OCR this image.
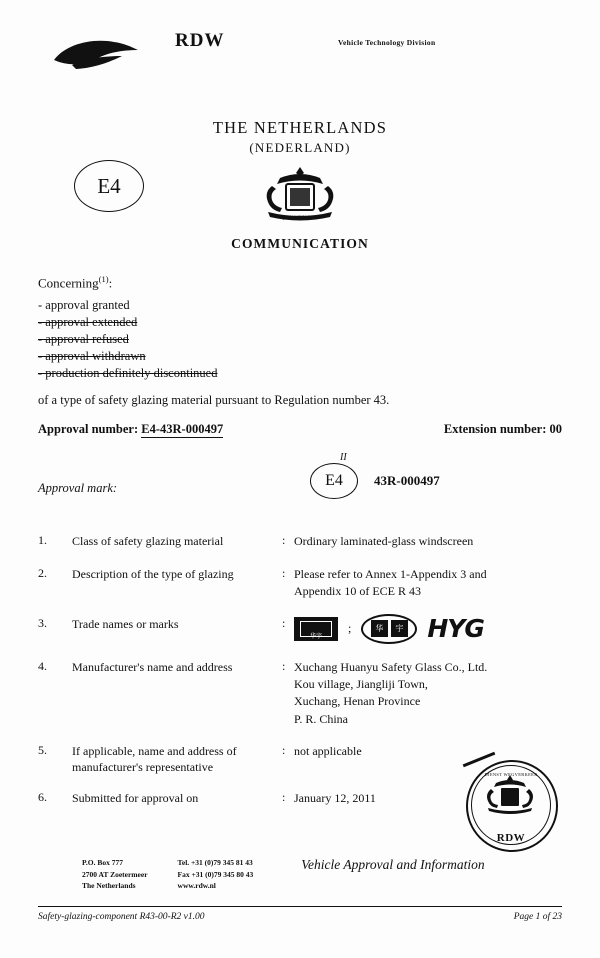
RDW	Vehicle Technology Division
THE NETHERLANDS
(NEDERLAND)
JE MAINTIENDRAI
COMMUNICATION
E4
Concerning$^{(1)}$:
- approval granted
- approval extended
- approval refused
- approval withdrawn
- production definitely discontinued
of a type of safety glazing material pursuant to Regulation number 43.
Approval number: E4-43R-000497	Extension number: 00
Approval mark:
II
E4	43R-000497
1.	Class of safety glazing material	: Ordinary laminated-glass windscreen
2.	Description of the type of glazing	: Please refer to Annex 1-Appendix 3 and
Appendix 10 of ECE R 43
3.	Trade names or marks	:
华宇
;	华	宇 HYG
4.	Manufacturer's name and address	: Xuchang Huanyu Safety Glass Co., Ltd.
Kou village, Jiangliji Town,
Xuchang, Henan Province
P. R. China
5.	If applicable, name and address of manufacturer's representative
: not applicable
6.	Submitted for approval on	: January 12, 2011
DIENST WEGVERKEER
RDW
P.O. Box 777
2700 AT Zoetermeer
The Netherlands
Tel. +31 (0)79 345 81 43
Fax +31 (0)79 345 80 43
www.rdw.nl
Vehicle Approval and Information
Safety-glazing-component R43-00-R2 v1.00	Page 1 of 23
